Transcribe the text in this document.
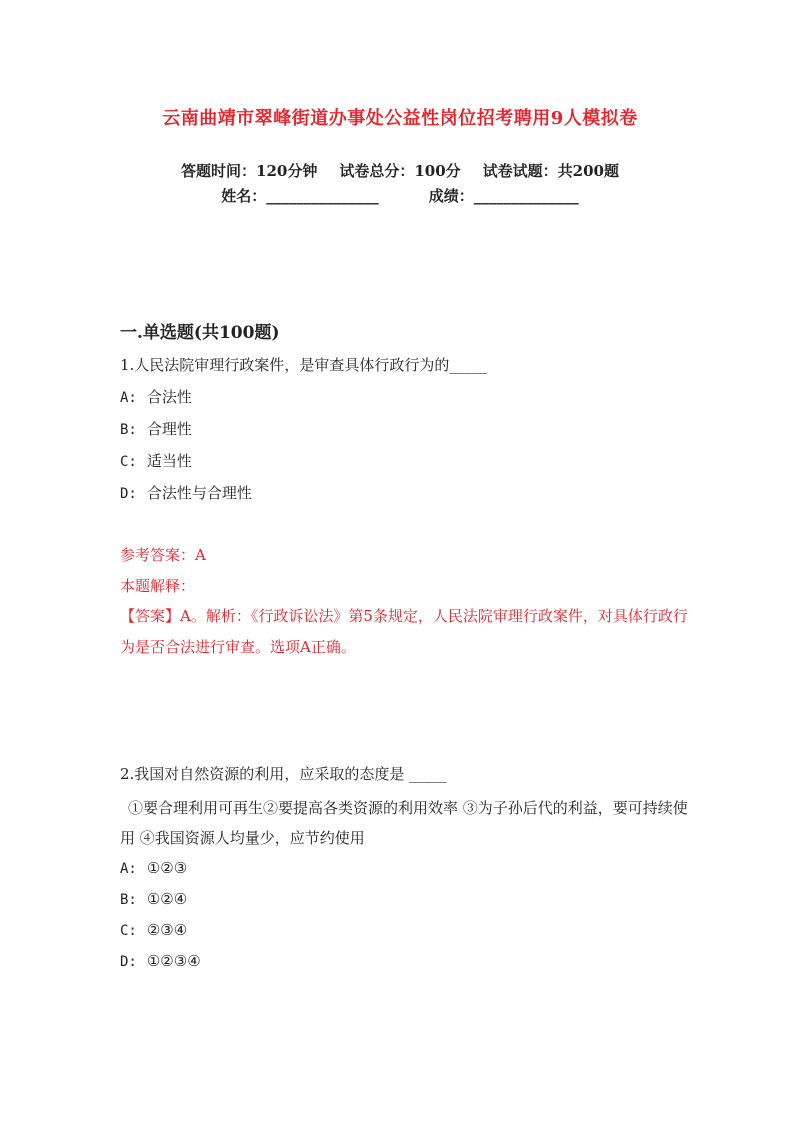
云南曲靖市翠峰街道办事处公益性岗位招考聘用9人模拟卷
答题时间：120分钟 试卷总分：100分 试卷试题：共200题
姓名：_______________	成绩：______________
一.单选题(共100题)
1.人民法院审理行政案件，是审查具体行政行为的_____
A: 合法性
B: 合理性
C: 适当性
D: 合法性与合理性
参考答案：A
本题解释：
【答案】A。解析：《行政诉讼法》第5条规定，人民法院审理行政案件，对具体行政行为是否合法进行审查。选项A正确。
2.我国对自然资源的利用，应采取的态度是 _____
①要合理利用可再生②要提高各类资源的利用效率 ③为子孙后代的利益，要可持续使用 ④我国资源人均量少，应节约使用
A: ①②③
B: ①②④
C: ②③④
D: ①②③④
